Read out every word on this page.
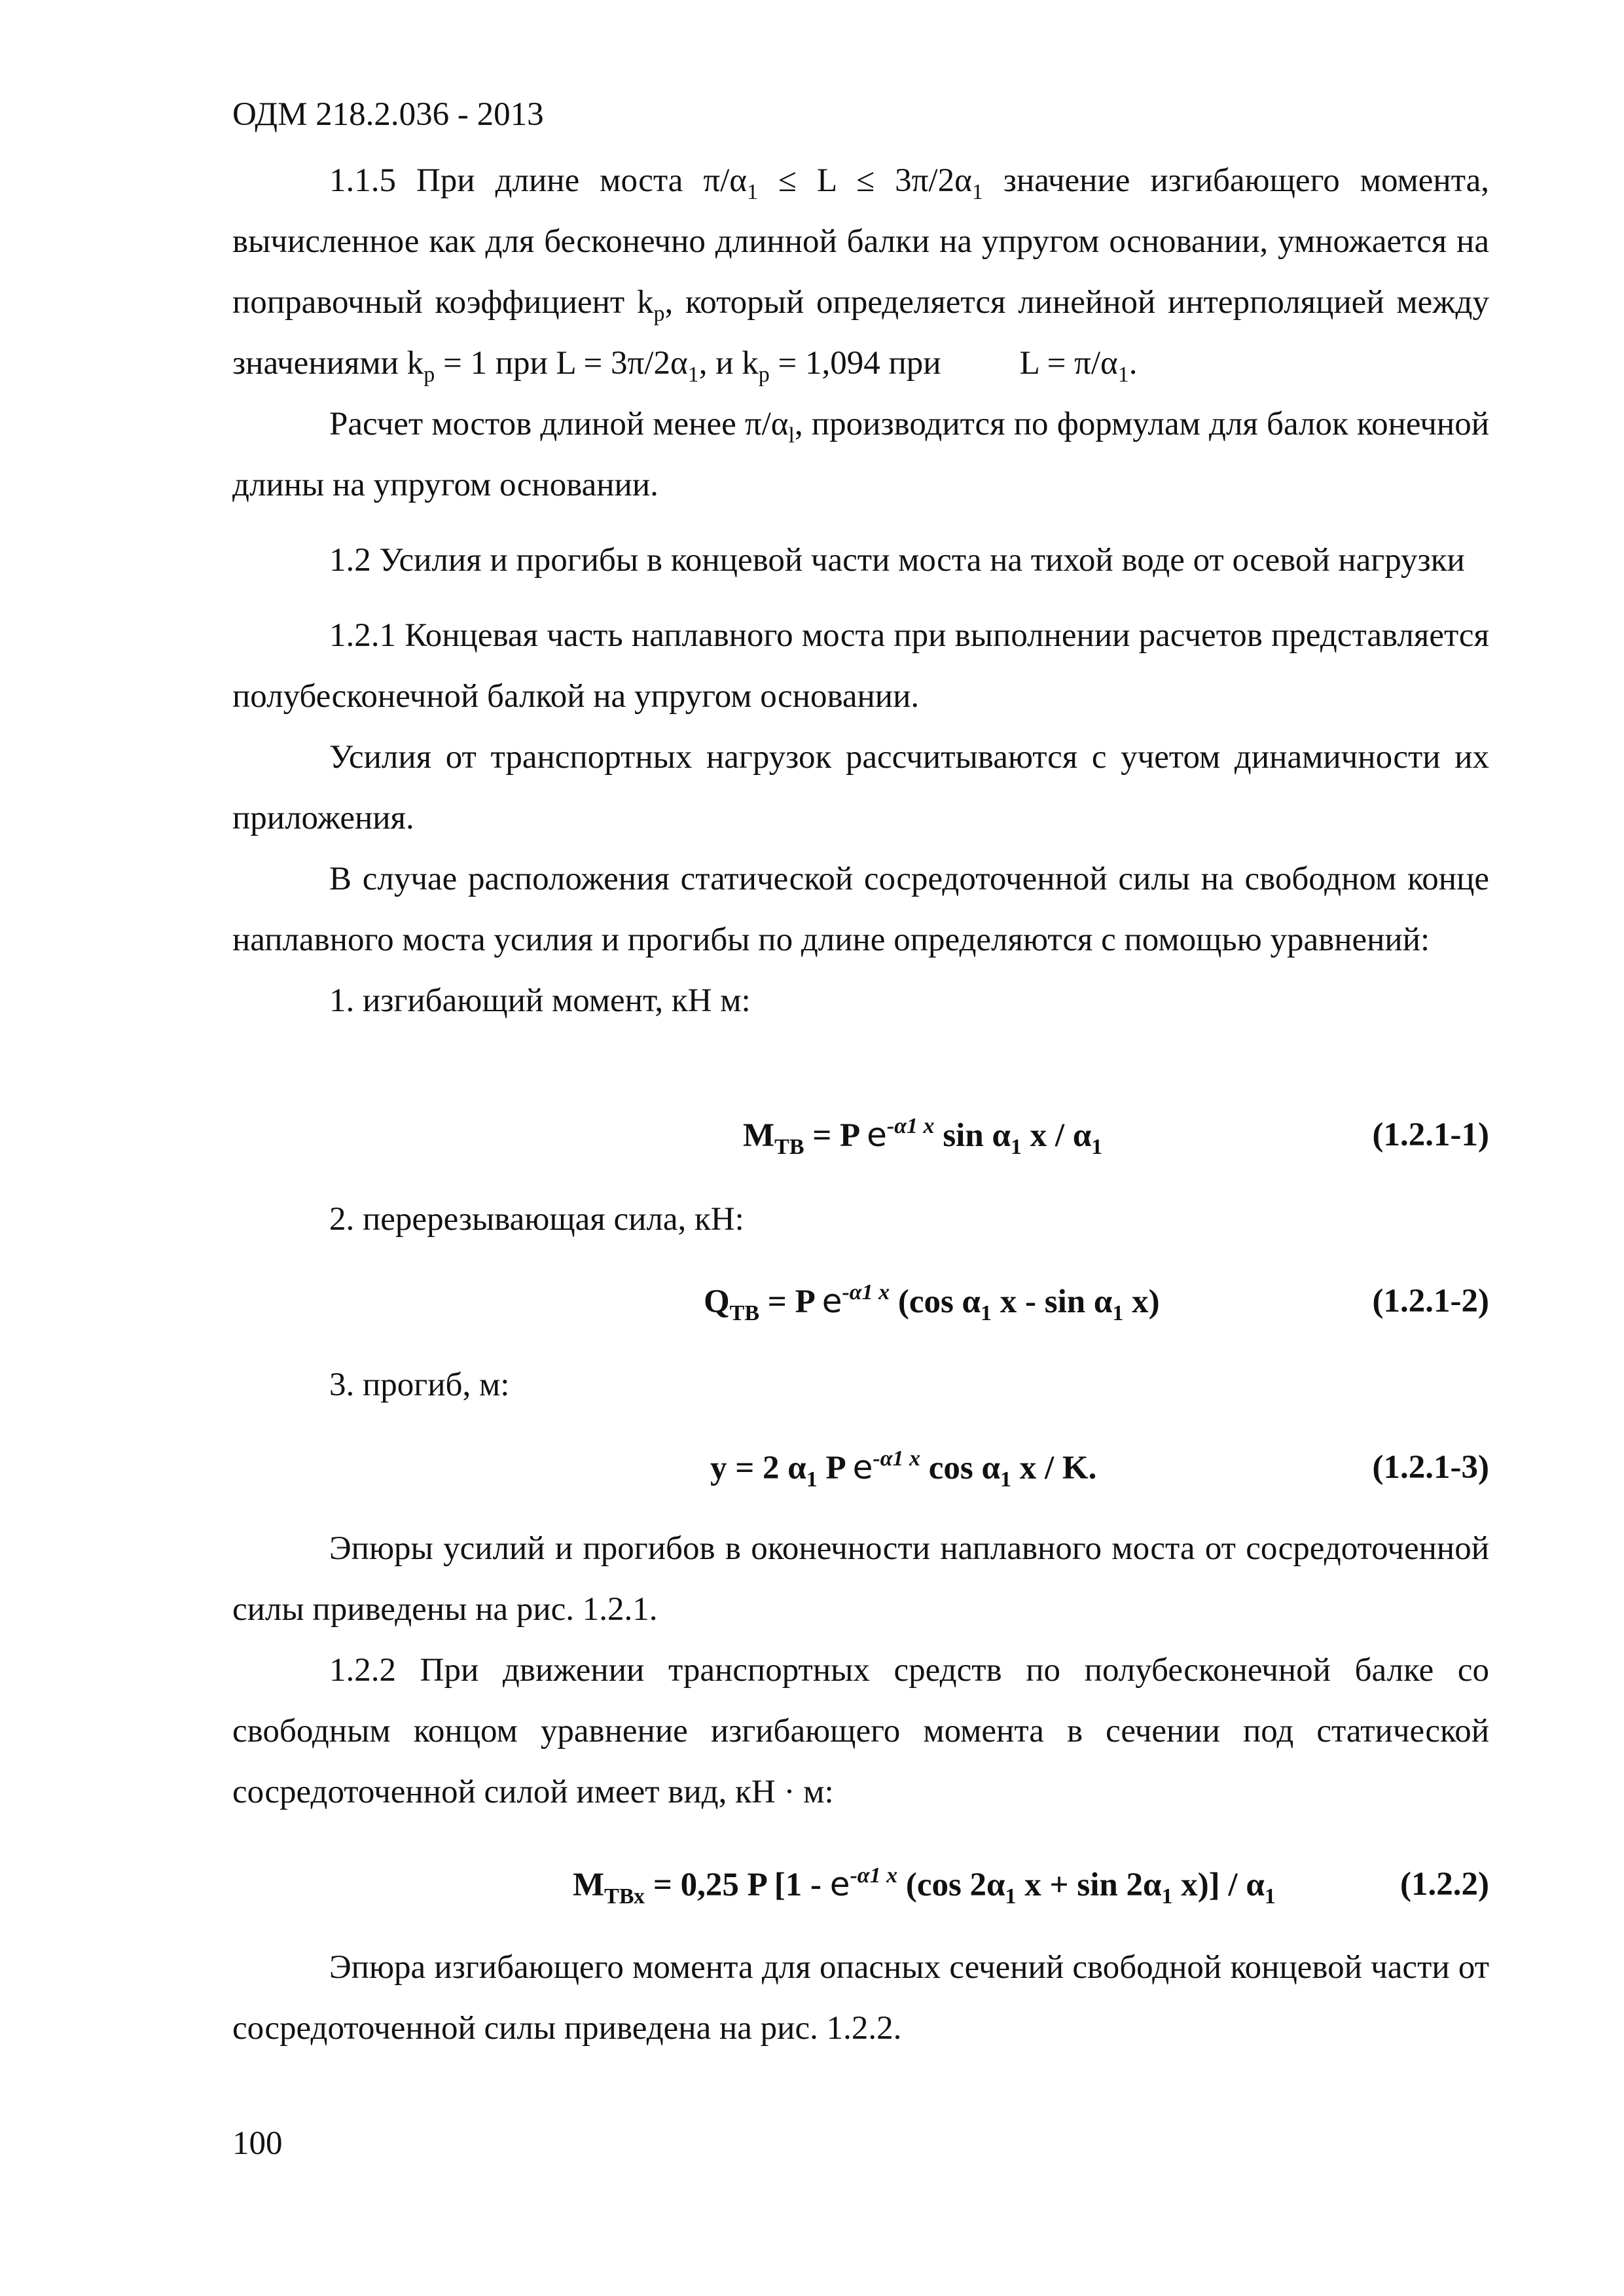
ОДМ 218.2.036 - 2013

1.1.5 При длине моста $\pi/\alpha_1 \le L \le 3\pi/2\alpha_1$ значение изгибающего момента, вычисленное как для бесконечно длинной балки на упругом основании, умножается на поправочный коэффициент $k_p$, который определяется линейной интерполяцией между значениями $k_p = 1$ при $L = 3\pi/2\alpha_1$, и $k_p = 1,094$ при $L = \pi/\alpha_1$.

Расчет мостов длиной менее $\pi/\alpha_l$, производится по формулам для балок конечной длины на упругом основании.

1.2 Усилия и прогибы в концевой части моста на тихой воде от осевой нагрузки

1.2.1 Концевая часть наплавного моста при выполнении расчетов представляется полубесконечной балкой на упругом основании.

Усилия от транспортных нагрузок рассчитываются с учетом динамичности их приложения.

В случае расположения статической сосредоточенной силы на свободном конце наплавного моста усилия и прогибы по длине определяются с помощью уравнений:

1. изгибающий момент, кН м:

$M_{ТВ} = P$ $e^{-\alpha 1 x}$ $\sin \alpha_1$ x / $\alpha_1$	(1.2.1-1)

2. перерезывающая сила, кН:

$Q_{ТВ} = P$ $e^{-\alpha 1 x}$ (cos $\alpha_1$ x - $\sin \alpha_1$ x)	(1.2.1-2)

3. прогиб, м:

y = 2 $\alpha_1$ P $e^{-\alpha 1 x}$ $\cos \alpha_1$ x / K.	(1.2.1-3)

Эпюры усилий и прогибов в оконечности наплавного моста от сосредоточенной силы приведены на рис. 1.2.1.

1.2.2 При движении транспортных средств по полубесконечной балке со свободным концом уравнение изгибающего момента в сечении под статической сосредоточенной силой имеет вид, кН · м:

$M_{ТВх} = 0,25$ P [$1 - e^{-\alpha 1 x}$ (cos $2\alpha_1$ $x + \sin 2\alpha_1$ $x)] / \alpha_1$	(1.2.2)

Эпюра изгибающего момента для опасных сечений свободной концевой части от сосредоточенной силы приведена на рис. 1.2.2.

100
